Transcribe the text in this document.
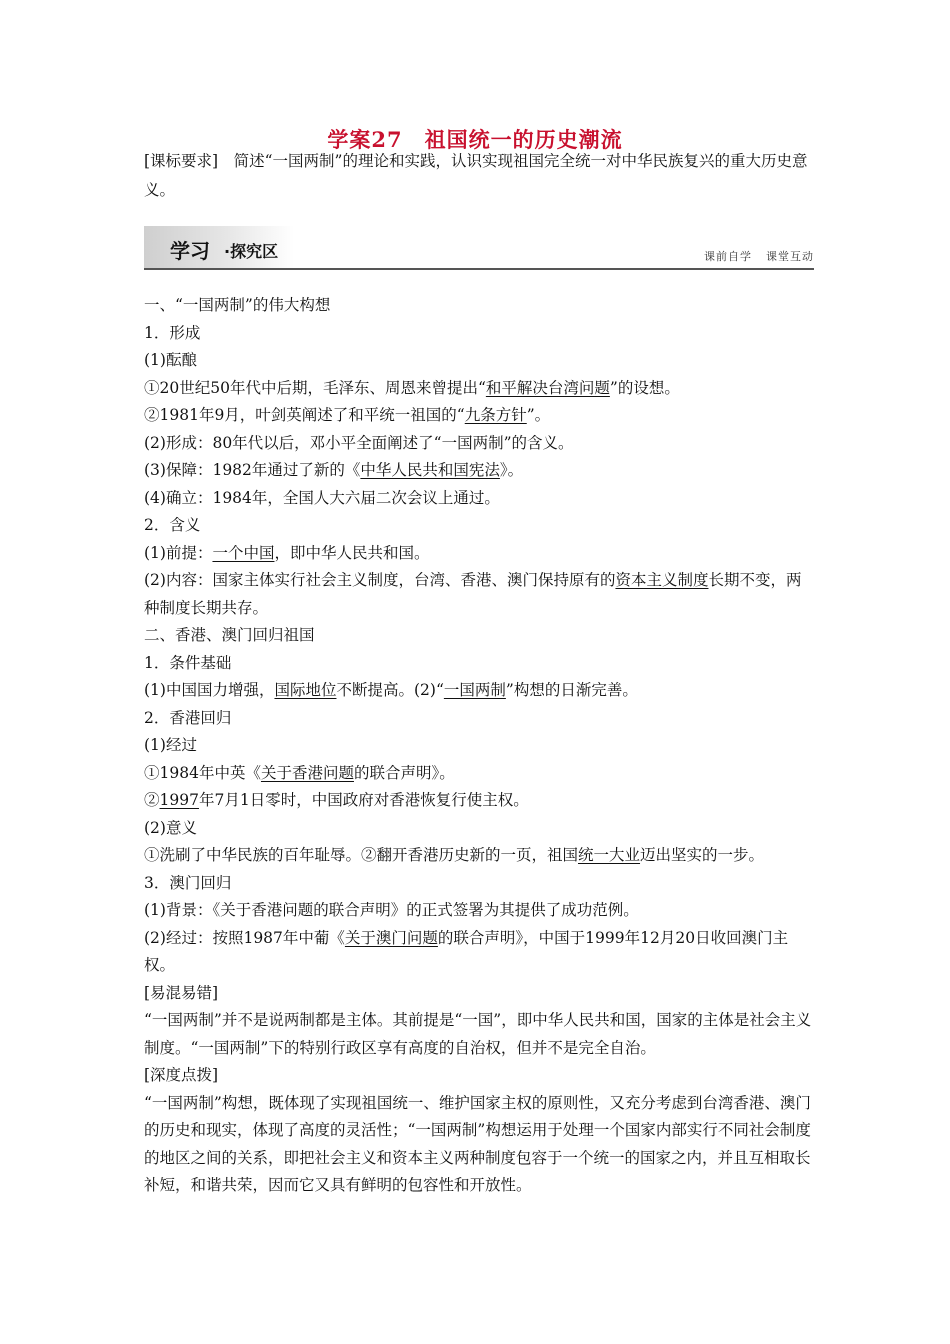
学案27　祖国统一的历史潮流
[课标要求]　简述“一国两制”的理论和实践，认识实现祖国完全统一对中华民族复兴的重大历史意义。
学习 ·探究区	课前自学 课堂互动

一、“一国两制”的伟大构想

1．形成

(1)酝酿

①20世纪50年代中后期，毛泽东、周恩来曾提出“和平解决台湾问题”的设想。

②1981年9月，叶剑英阐述了和平统一祖国的“九条方针”。

(2)形成：80年代以后，邓小平全面阐述了“一国两制”的含义。

(3)保障：1982年通过了新的《中华人民共和国宪法》。

(4)确立：1984年，全国人大六届二次会议上通过。

2．含义

(1)前提：一个中国，即中华人民共和国。

(2)内容：国家主体实行社会主义制度，台湾、香港、澳门保持原有的资本主义制度长期不变，两种制度长期共存。

二、香港、澳门回归祖国

1．条件基础

(1)中国国力增强，国际地位不断提高。(2)“一国两制”构想的日渐完善。

2．香港回归

(1)经过

①1984年中英《关于香港问题的联合声明》。

②1997年7月1日零时，中国政府对香港恢复行使主权。

(2)意义

①洗刷了中华民族的百年耻辱。②翻开香港历史新的一页，祖国统一大业迈出坚实的一步。

3．澳门回归

(1)背景：《关于香港问题的联合声明》的正式签署为其提供了成功范例。

(2)经过：按照1987年中葡《关于澳门问题的联合声明》，中国于1999年12月20日收回澳门主权。

[易混易错]

“一国两制”并不是说两制都是主体。其前提是“一国”，即中华人民共和国，国家的主体是社会主义制度。“一国两制”下的特别行政区享有高度的自治权，但并不是完全自治。

[深度点拨]

“一国两制”构想，既体现了实现祖国统一、维护国家主权的原则性，又充分考虑到台湾香港、澳门的历史和现实，体现了高度的灵活性；“一国两制”构想运用于处理一个国家内部实行不同社会制度的地区之间的关系，即把社会主义和资本主义两种制度包容于一个统一的国家之内，并且互相取长补短，和谐共荣，因而它又具有鲜明的包容性和开放性。
